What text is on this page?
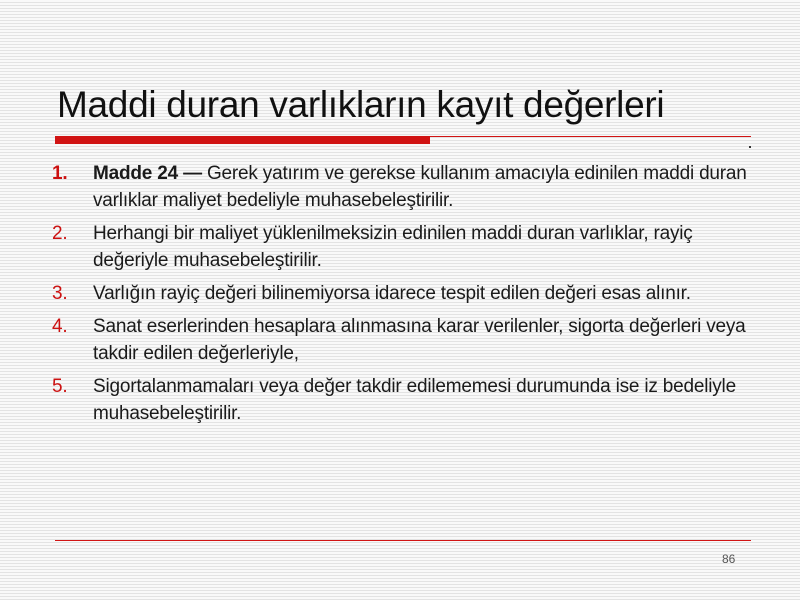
Maddi duran varlıkların kayıt değerleri
1. Madde 24 — Gerek yatırım ve gerekse kullanım amacıyla edinilen maddi duran varlıklar maliyet bedeliyle muhasebeleştirilir.
2. Herhangi bir maliyet yüklenilmeksizin edinilen maddi duran varlıklar, rayiç değeriyle muhasebeleştirilir.
3. Varlığın rayiç değeri bilinemiyorsa idarece tespit edilen değeri esas alınır.
4. Sanat eserlerinden hesaplara alınmasına karar verilenler, sigorta değerleri veya takdir edilen değerleriyle,
5. Sigortalanmamaları veya değer takdir edilememesi durumunda ise iz bedeliyle muhasebeleştirilir.
86
